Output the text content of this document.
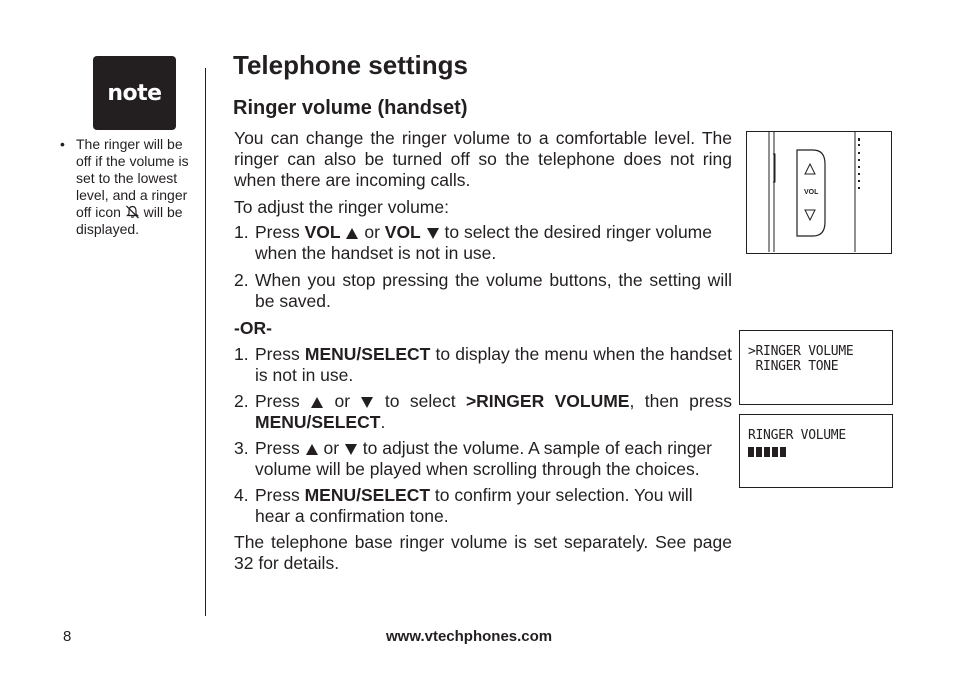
note
• The ringer will be off if the volume is set to the lowest level, and a ringer off icon  will be displayed.
Telephone settings
Ringer volume (handset)
You can change the ringer volume to a comfortable level. The ringer can also be turned off so the telephone does not ring when there are incoming calls.
To adjust the ringer volume:
1. Press VOL  or VOL  to select the desired ringer volume when the handset is not in use.
2. When you stop pressing the volume buttons, the setting will be saved.
-OR-
1. Press MENU/SELECT to display the menu when the handset is not in use.
2. Press  or  to select >RINGER VOLUME, then press MENU/SELECT.
3. Press  or  to adjust the volume. A sample of each ringer volume will be played when scrolling through the choices.
4. Press MENU/SELECT to confirm your selection. You will hear a confirmation tone.
The telephone base ringer volume is set separately. See page 32 for details.
VOL
>RINGER VOLUME
RINGER TONE
RINGER VOLUME
8	www.vtechphones.com
